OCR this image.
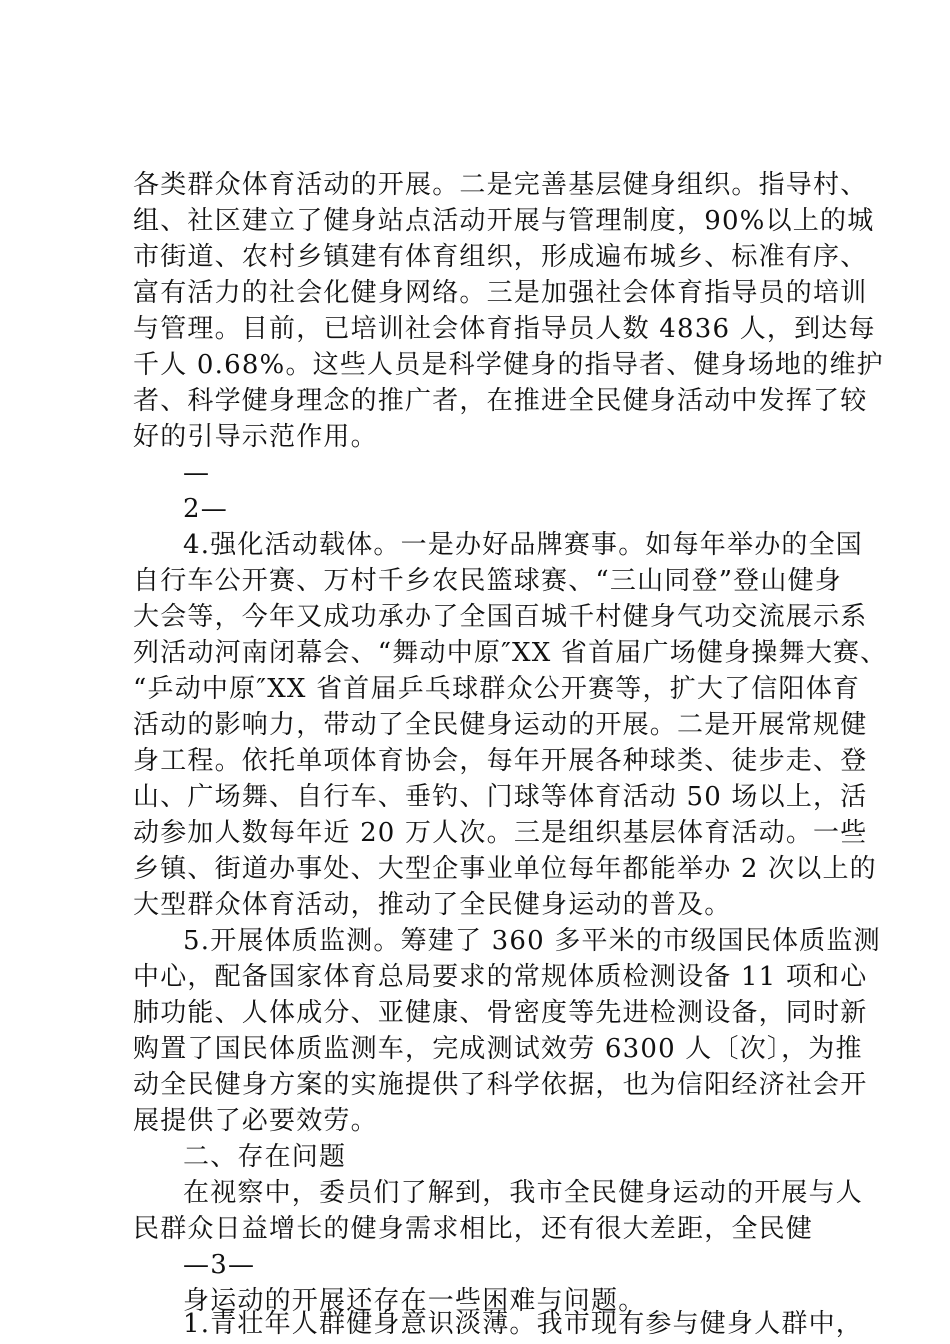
各类群众体育活动的开展。二是完善基层健身组织。指导村、
组、社区建立了健身站点活动开展与管理制度，90%以上的城
市街道、农村乡镇建有体育组织，形成遍布城乡、标准有序、
富有活力的社会化健身网络。三是加强社会体育指导员的培训
与管理。目前，已培训社会体育指导员人数 4836 人，到达每
千人 0.68%。这些人员是科学健身的指导者、健身场地的维护
者、科学健身理念的推广者，在推进全民健身活动中发挥了较
好的引导示范作用。
—
2—
4.强化活动载体。一是办好品牌赛事。如每年举办的全国
自行车公开赛、万村千乡农民篮球赛、“三山同登”登山健身
大会等，今年又成功承办了全国百城千村健身气功交流展示系
列活动河南闭幕会、“舞动中原″XX 省首届广场健身操舞大赛、
“乒动中原″XX 省首届乒乓球群众公开赛等，扩大了信阳体育
活动的影响力，带动了全民健身运动的开展。二是开展常规健
身工程。依托单项体育协会，每年开展各种球类、徒步走、登
山、广场舞、自行车、垂钓、门球等体育活动 50 场以上，活
动参加人数每年近 20 万人次。三是组织基层体育活动。一些
乡镇、街道办事处、大型企事业单位每年都能举办 2 次以上的
大型群众体育活动，推动了全民健身运动的普及。
5.开展体质监测。筹建了 360 多平米的市级国民体质监测
中心，配备国家体育总局要求的常规体质检测设备 11 项和心
肺功能、人体成分、亚健康、骨密度等先进检测设备，同时新
购置了国民体质监测车，完成测试效劳 6300 人〔次〕，为推
动全民健身方案的实施提供了科学依据，也为信阳经济社会开
展提供了必要效劳。
二、存在问题
在视察中，委员们了解到，我市全民健身运动的开展与人
民群众日益增长的健身需求相比，还有很大差距，全民健
—3—
身运动的开展还存在一些困难与问题。
1.青壮年人群健身意识淡薄。我市现有参与健身人群中，
